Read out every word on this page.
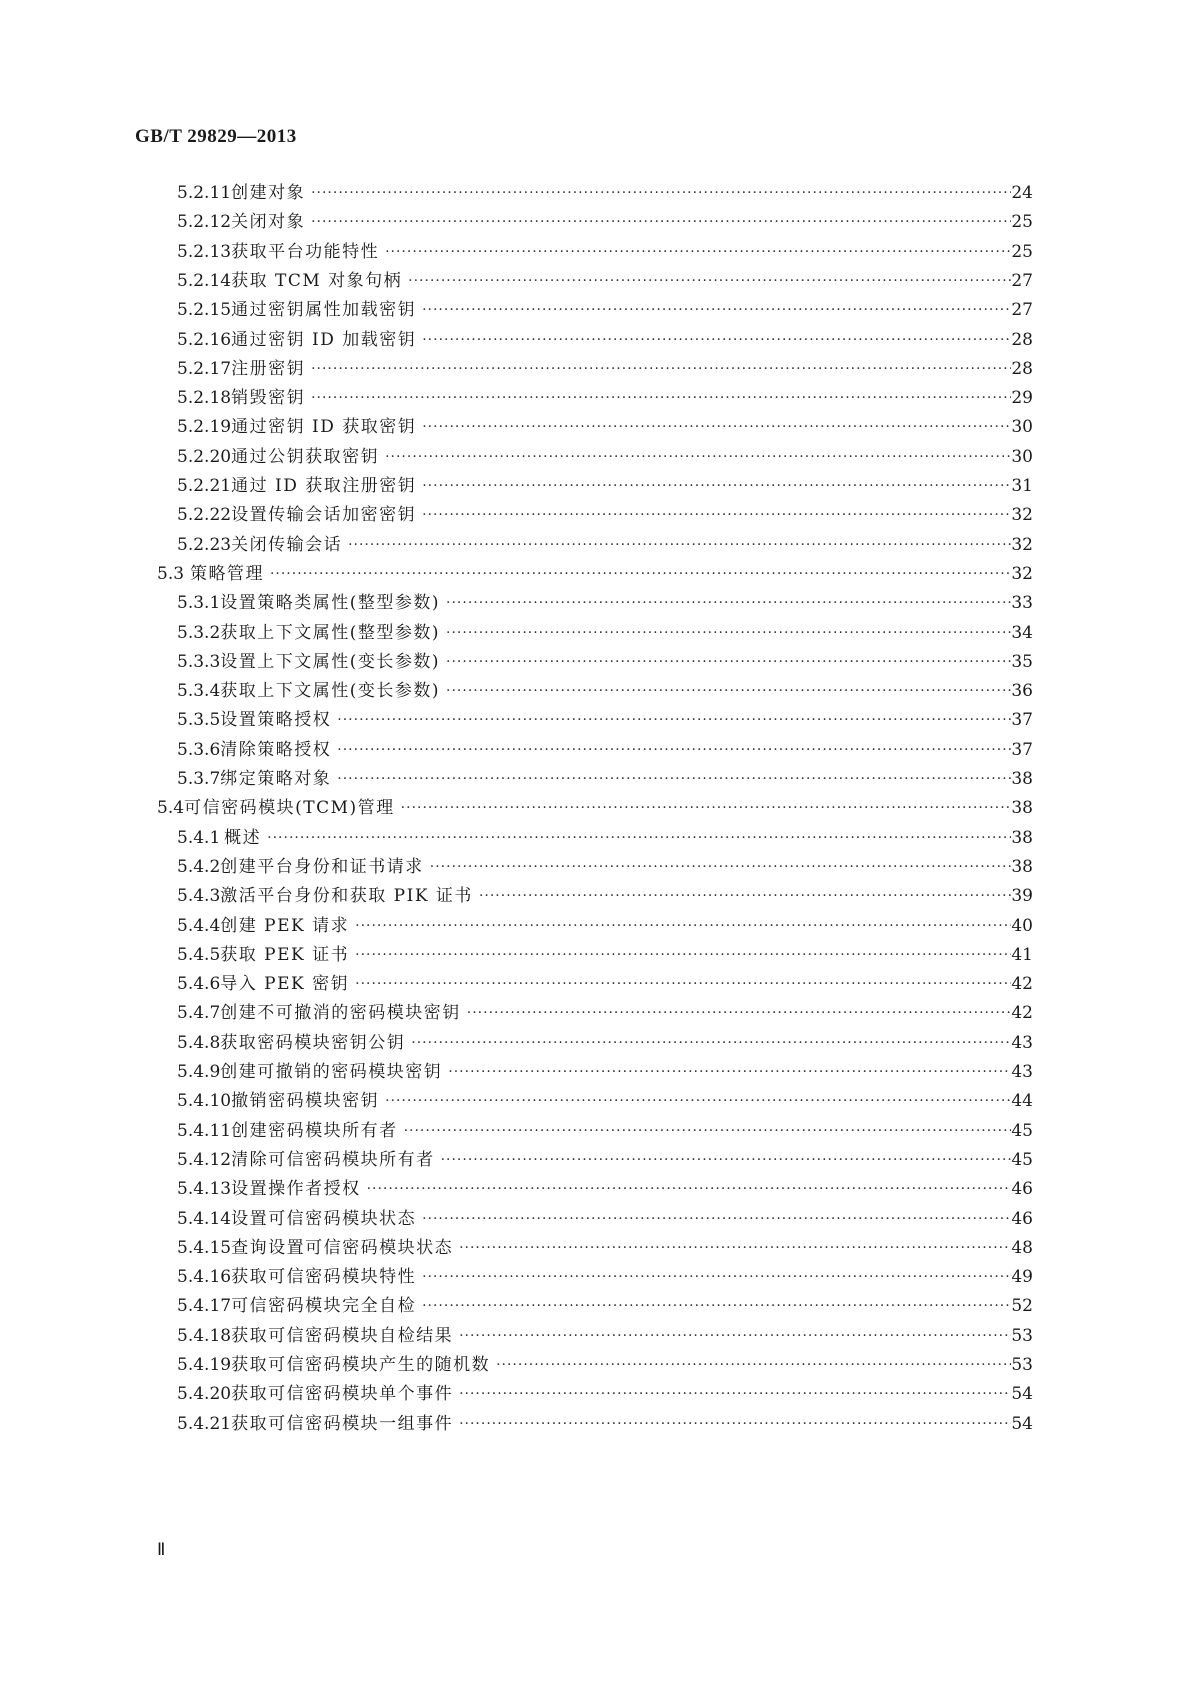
GB/T 29829—2013
5.2.11 创建对象 ·····	24
5.2.12 关闭对象 ·····	25
5.2.13 获取平台功能特性 ·····	25
5.2.14 获取 TCM 对象句柄 ·····	27
5.2.15 通过密钥属性加载密钥 ·····	27
5.2.16 通过密钥 ID 加载密钥 ·····	28
5.2.17 注册密钥 ·····	28
5.2.18 销毁密钥 ·····	29
5.2.19 通过密钥 ID 获取密钥 ·····	30
5.2.20 通过公钥获取密钥 ·····	30
5.2.21 通过 ID 获取注册密钥 ·····	31
5.2.22 设置传输会话加密密钥 ·····	32
5.2.23 关闭传输会话 ·····	32
5.3 策略管理 ·····	32
5.3.1 设置策略类属性(整型参数) ·····	33
5.3.2 获取上下文属性(整型参数) ·····	34
5.3.3 设置上下文属性(变长参数) ·····	35
5.3.4 获取上下文属性(变长参数) ·····	36
5.3.5 设置策略授权 ·····	37
5.3.6 清除策略授权 ·····	37
5.3.7 绑定策略对象 ·····	38
5.4 可信密码模块(TCM)管理 ·····	38
5.4.1 概述 ·····	38
5.4.2 创建平台身份和证书请求 ·····	38
5.4.3 激活平台身份和获取 PIK 证书 ·····	39
5.4.4 创建 PEK 请求 ·····	40
5.4.5 获取 PEK 证书 ·····	41
5.4.6 导入 PEK 密钥 ·····	42
5.4.7 创建不可撤消的密码模块密钥 ·····	42
5.4.8 获取密码模块密钥公钥 ·····	43
5.4.9 创建可撤销的密码模块密钥 ·····	43
5.4.10 撤销密码模块密钥 ·····	44
5.4.11 创建密码模块所有者 ·····	45
5.4.12 清除可信密码模块所有者 ·····	45
5.4.13 设置操作者授权 ·····	46
5.4.14 设置可信密码模块状态 ·····	46
5.4.15 查询设置可信密码模块状态 ·····	48
5.4.16 获取可信密码模块特性 ·····	49
5.4.17 可信密码模块完全自检 ·····	52
5.4.18 获取可信密码模块自检结果 ·····	53
5.4.19 获取可信密码模块产生的随机数 ·····	53
5.4.20 获取可信密码模块单个事件 ·····	54
5.4.21 获取可信密码模块一组事件 ·····	54
Ⅱ
